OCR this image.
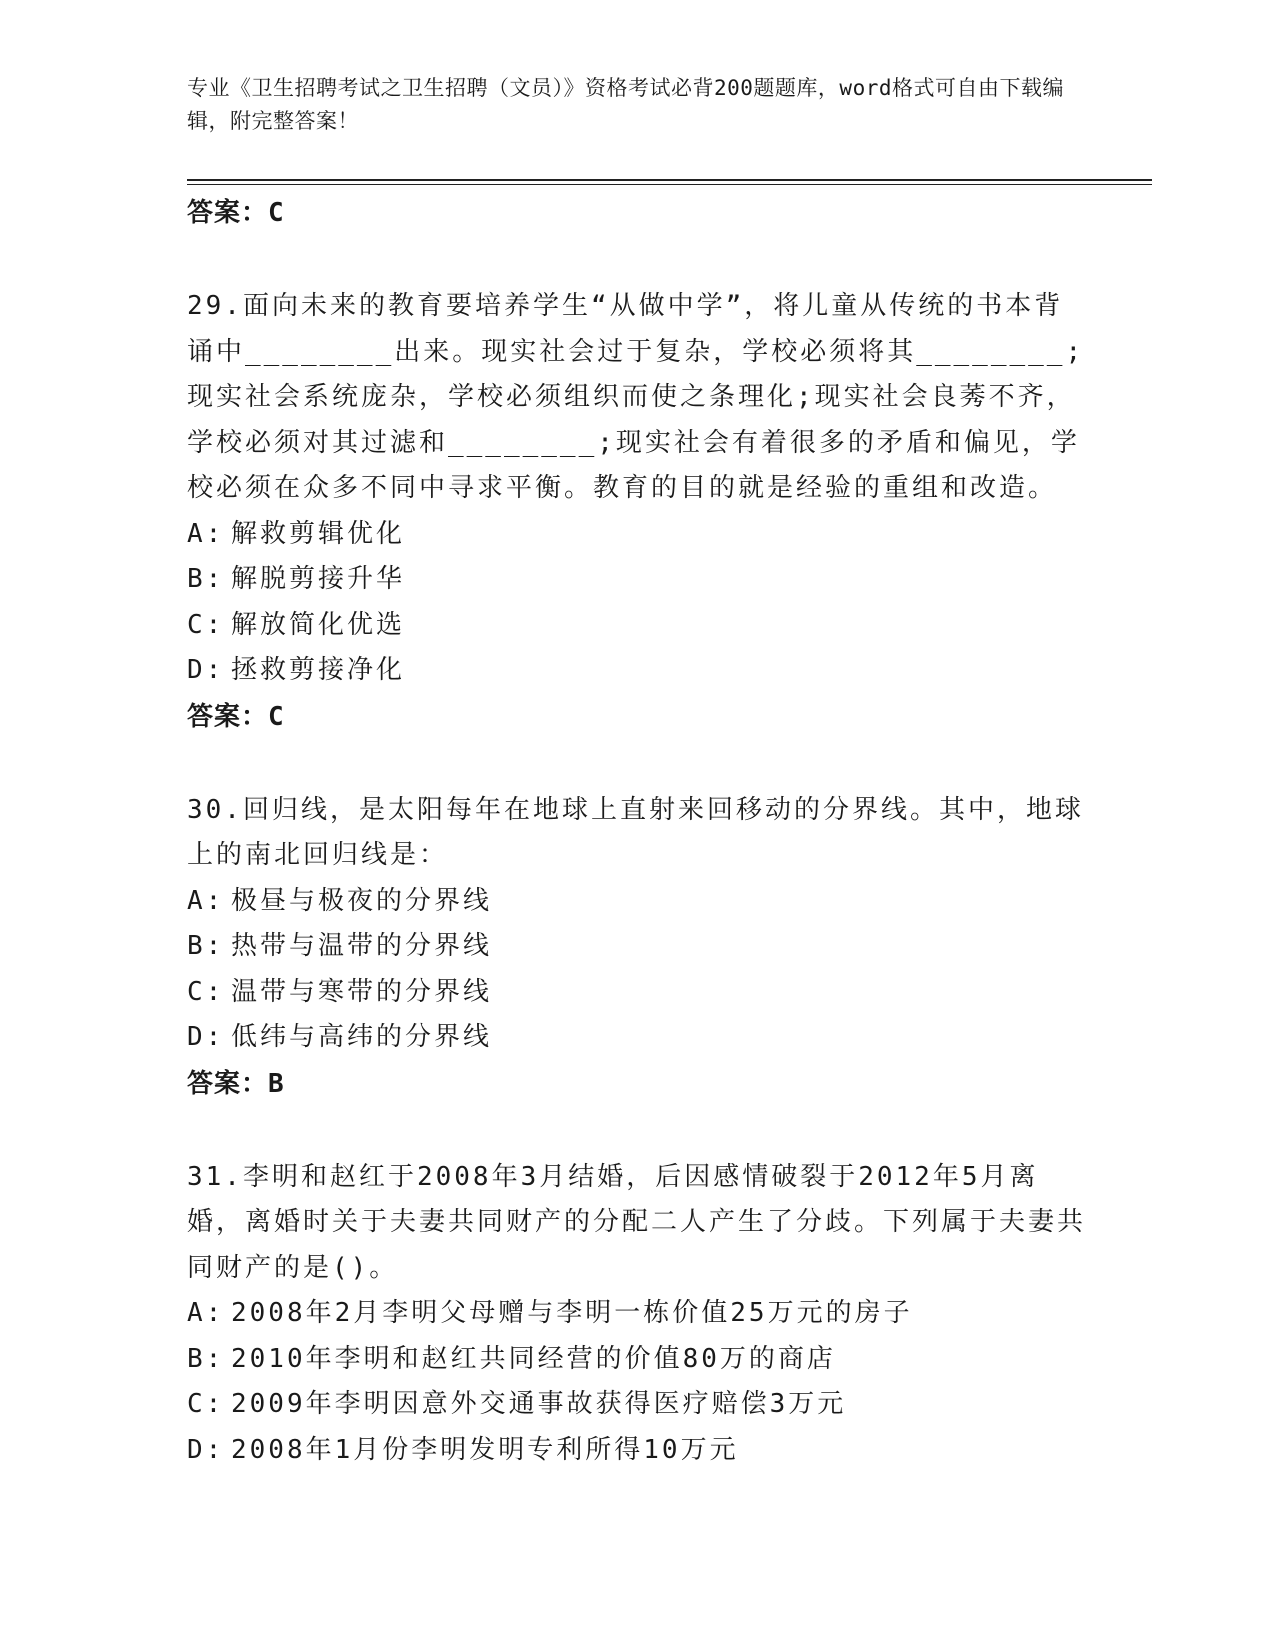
专业《卫生招聘考试之卫生招聘（文员）》资格考试必背200题题库，word格式可自由下载编辑，附完整答案！

答案：C

29.面向未来的教育要培养学生“从做中学”，将儿童从传统的书本背诵中________出来。现实社会过于复杂，学校必须将其________;现实社会系统庞杂，学校必须组织而使之条理化;现实社会良莠不齐，学校必须对其过滤和________;现实社会有着很多的矛盾和偏见，学校必须在众多不同中寻求平衡。教育的目的就是经验的重组和改造。

A: 解救剪辑优化

B: 解脱剪接升华

C: 解放简化优选

D: 拯救剪接净化

答案：C

30.回归线，是太阳每年在地球上直射来回移动的分界线。其中，地球上的南北回归线是：

A: 极昼与极夜的分界线

B: 热带与温带的分界线

C: 温带与寒带的分界线

D: 低纬与高纬的分界线

答案：B

31.李明和赵红于2008年3月结婚，后因感情破裂于2012年5月离婚，离婚时关于夫妻共同财产的分配二人产生了分歧。下列属于夫妻共同财产的是()。

A: 2008年2月李明父母赠与李明一栋价值25万元的房子

B: 2010年李明和赵红共同经营的价值80万的商店

C: 2009年李明因意外交通事故获得医疗赔偿3万元

D: 2008年1月份李明发明专利所得10万元
